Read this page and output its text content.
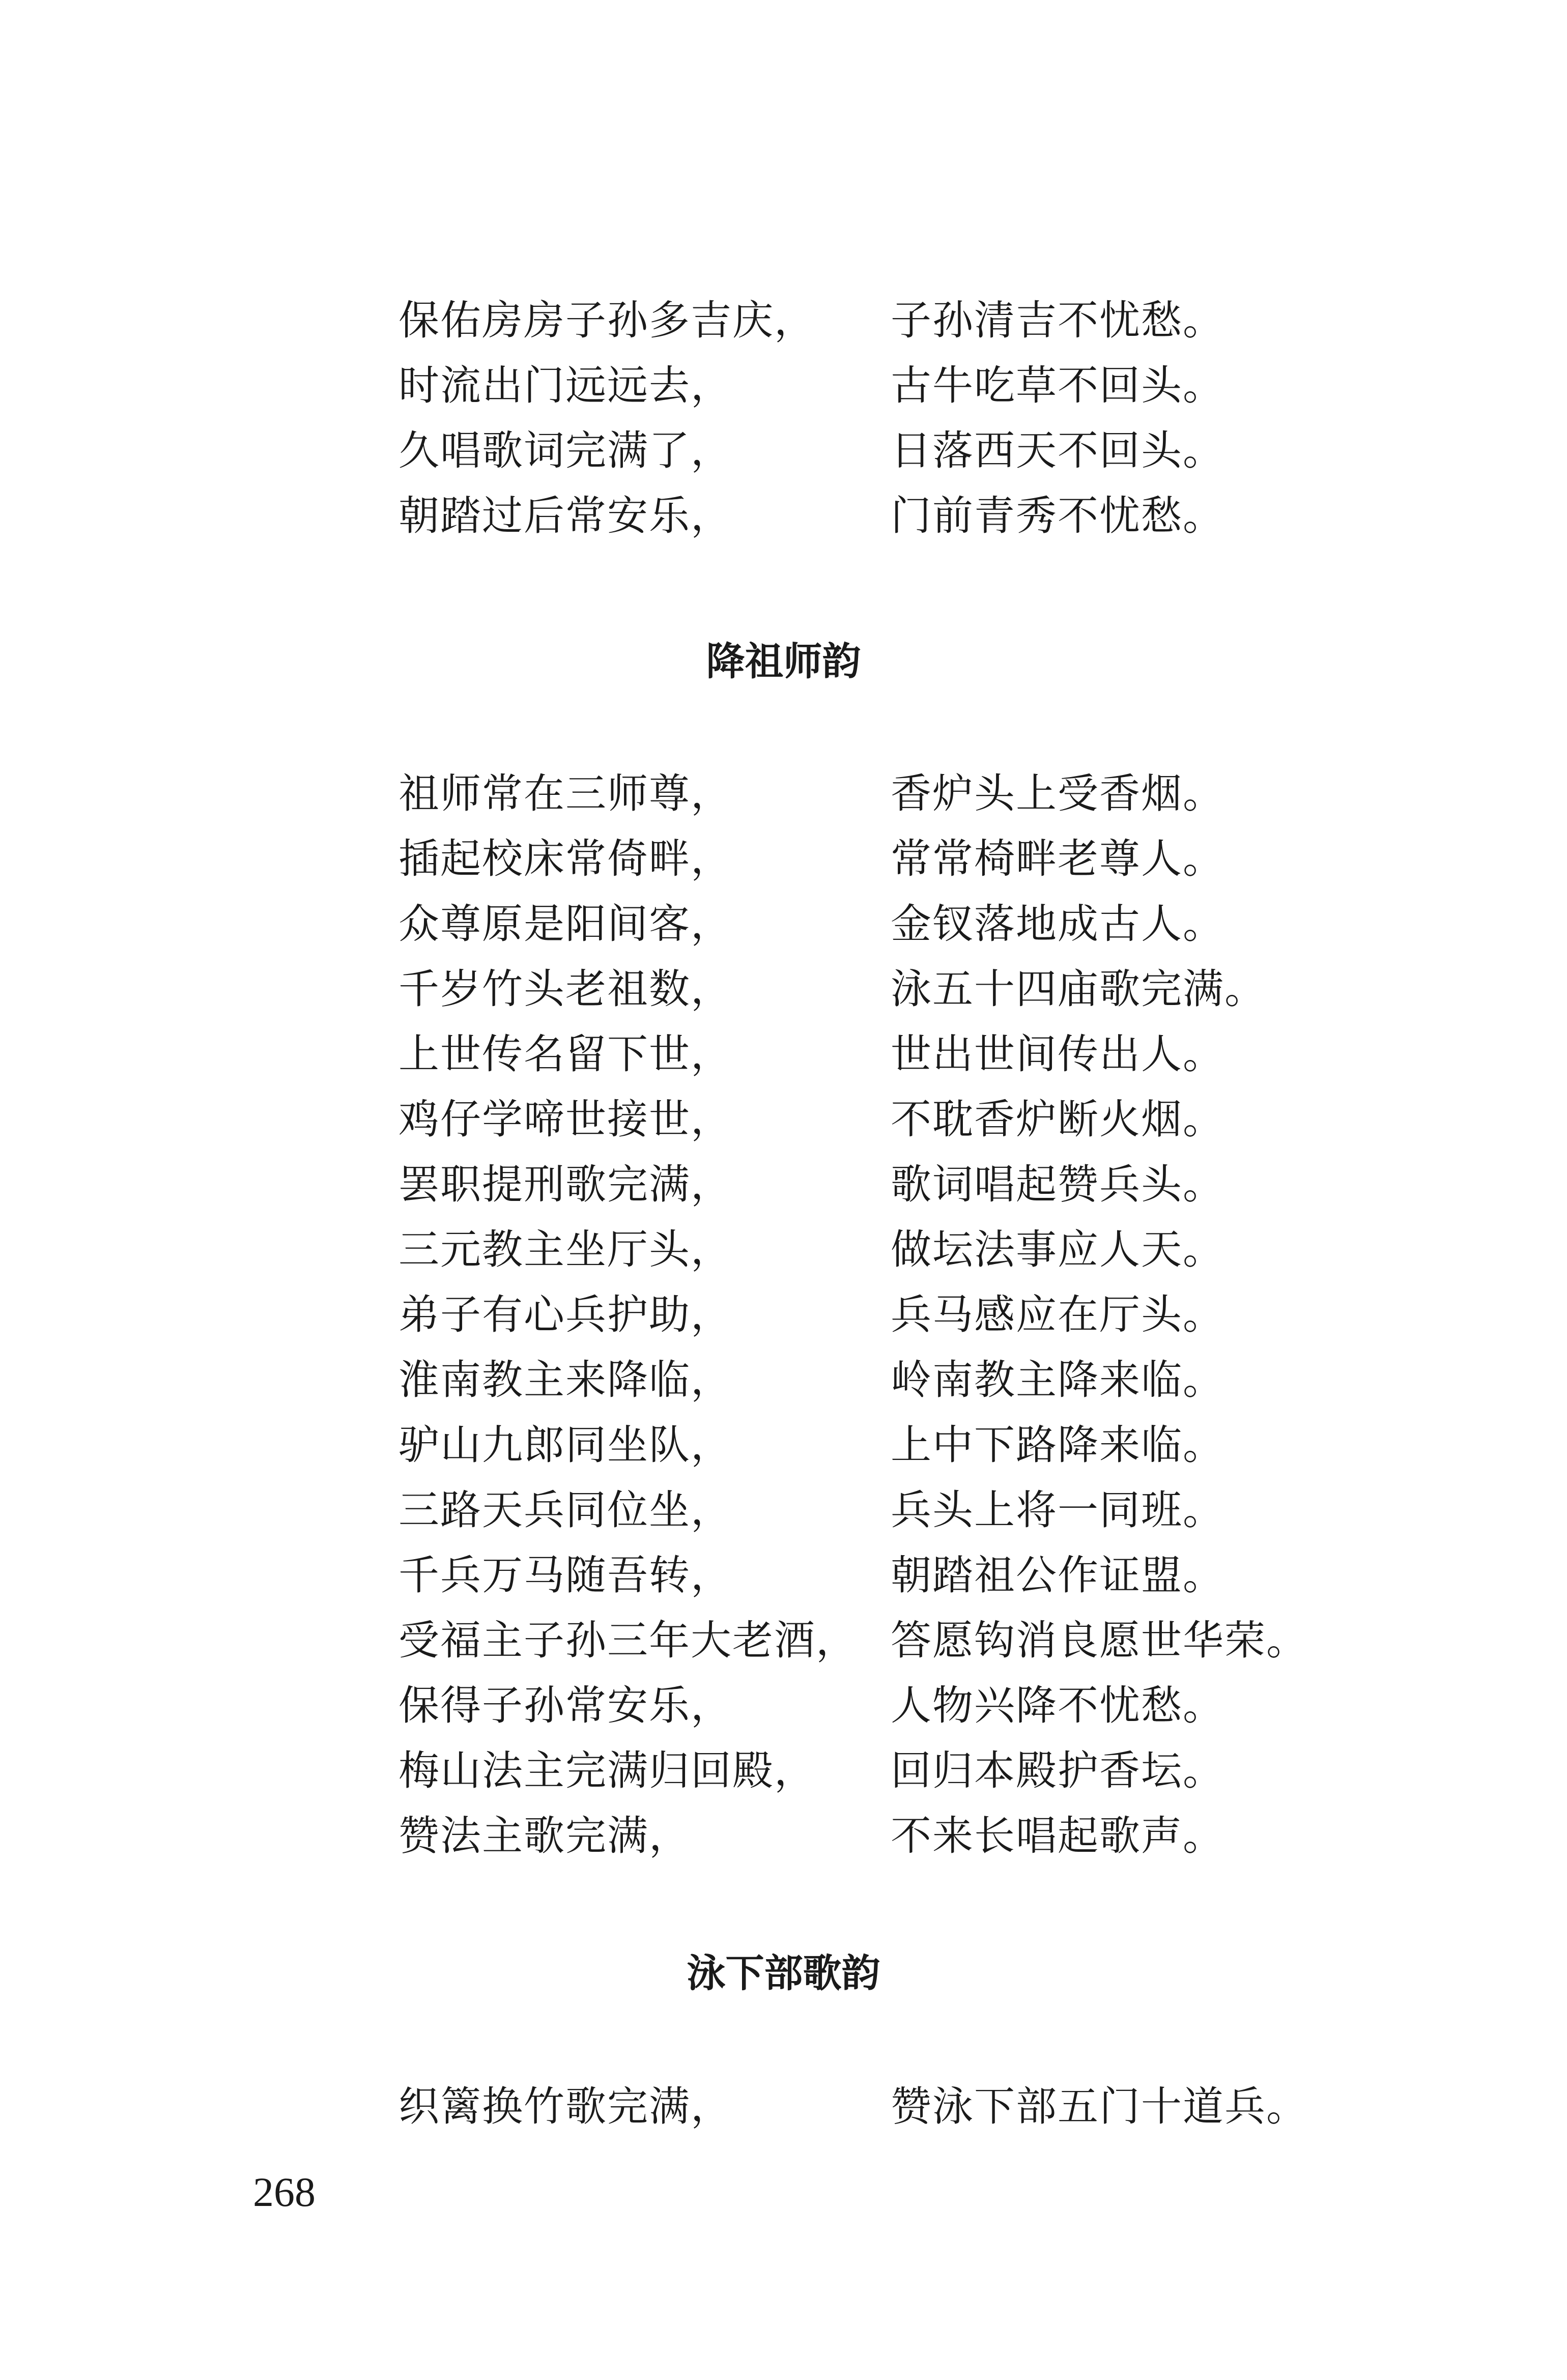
保佑房房子孙多吉庆， 子孙清吉不忧愁。
时流出门远远去，	古牛吃草不回头。
久唱歌词完满了，	日落西天不回头。
朝踏过后常安乐，	门前青秀不忧愁。
降祖师韵
祖师常在三师尊，	香炉头上受香烟。
插起校床常倚畔，	常常椅畔老尊人。
众尊原是阳间客，	金钗落地成古人。
千岁竹头老祖数，	泳五十四庙歌完满。
上世传名留下世，	世出世间传出人。
鸡仔学啼世接世，	不耽香炉断火烟。
罢职提刑歌完满，	歌词唱起赞兵头。
三元教主坐厅头，	做坛法事应人天。
弟子有心兵护助，	兵马感应在厅头。
淮南教主来降临，	岭南教主降来临。
驴山九郎同坐队，	上中下路降来临。
三路天兵同位坐，	兵头上将一同班。
千兵万马随吾转，	朝踏祖公作证盟。
受福主子孙三年大老酒， 答愿钩消良愿世华荣。
保得子孙常安乐，	人物兴降不忧愁。
梅山法主完满归回殿， 回归本殿护香坛。
赞法主歌完满，	不来长唱起歌声。
泳下部歌韵
织篱换竹歌完满，	赞泳下部五门十道兵。
268
